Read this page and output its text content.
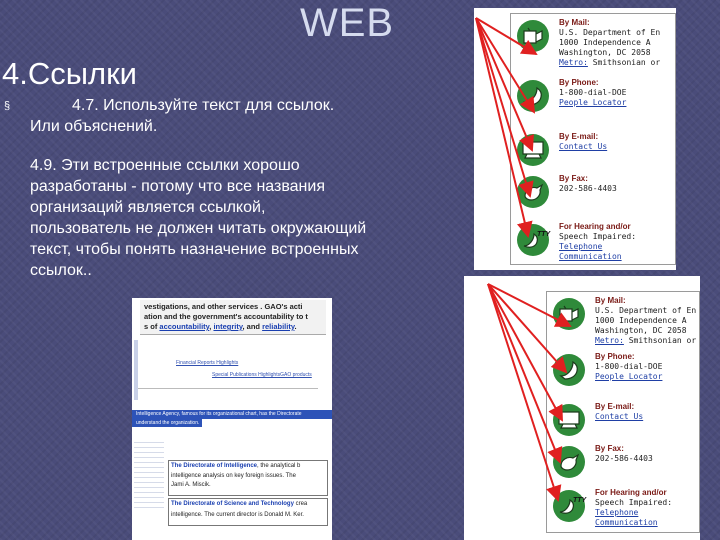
WEB
4.Ссылки
§	4.7. Используйте текст для ссылок.
Или объяснений.
4.9. Эти встроенные ссылки хорошо разработаны - потому что все названия организаций является ссылкой, пользователь не должен читать окружающий текст, чтобы понять назначение встроенных ссылок..
By Mail:
U.S. Department of En
1000 Independence A
Washington, DC 2058
Metro: Smithsonian or
By Phone:
1-800-dial-DOE
People Locator
By E-mail:
Contact Us
By Fax:
202-586-4403
TTY
For Hearing and/or
Speech Impaired:
Telephone
Communication
By Mail:
U.S. Department of En
1000 Independence A
Washington, DC 2058
Metro: Smithsonian or
By Phone:
1-800-dial-DOE
People Locator
By E-mail:
Contact Us
By Fax:
202-586-4403
TTY
For Hearing and/or
Speech Impaired:
Telephone
Communication
vestigations, and other services . GAO's acti
ation and the government's accountability to t
s of accountability, integrity, and reliability.
Financial Reports Highlights
Special Publications HighlightsGAO products
Intelligence Agency, famous for its organizational chart, has the Directorate
understand the organization.
The Directorate of Intelligence, the analytical b
intelligence analysis on key foreign issues. The
Jami A. Miscik.
The Directorate of Science and Technology crea
intelligence. The current director is Donald M. Ker.
